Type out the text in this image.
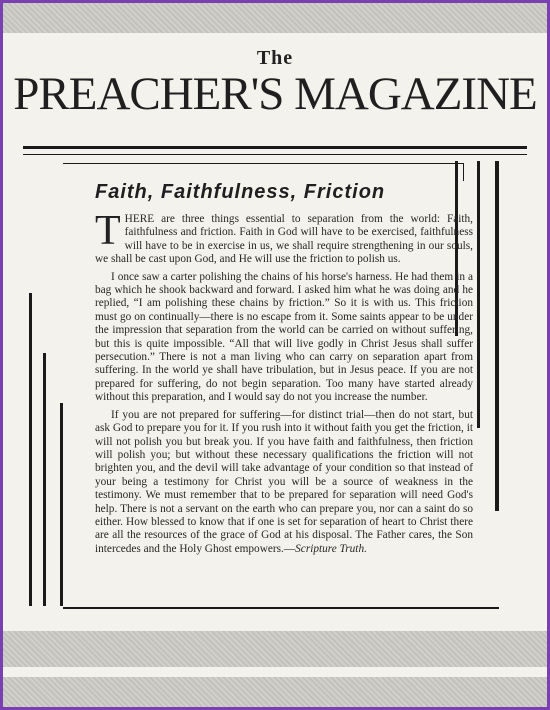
The
PREACHER'S MAGAZINE
Faith, Faithfulness, Friction

THERE are three things essential to separation from the world: Faith, faithfulness and friction. Faith in God will have to be exercised, faithfulness will have to be in exercise in us, we shall require strengthening in our souls, we shall be cast upon God, and He will use the friction to polish us.

I once saw a carter polishing the chains of his horse's harness. He had them in a bag which he shook backward and forward. I asked him what he was doing and he replied, “I am polishing these chains by friction.” So it is with us. This friction must go on continually—there is no escape from it. Some saints appear to be under the impression that separation from the world can be carried on without suffering, but this is quite impossible. “All that will live godly in Christ Jesus shall suffer persecution.” There is not a man living who can carry on separation apart from suffering. In the world ye shall have tribulation, but in Jesus peace. If you are not prepared for suffering, do not begin separation. Too many have started already without this preparation, and I would say do not you increase the number.

If you are not prepared for suffering—for distinct trial—then do not start, but ask God to prepare you for it. If you rush into it without faith you get the friction, it will not polish you but break you. If you have faith and faithfulness, then friction will polish you; but without these necessary qualifications the friction will not brighten you, and the devil will take advantage of your condition so that instead of your being a testimony for Christ you will be a source of weakness in the testimony. We must remember that to be prepared for separation will need God's help. There is not a servant on the earth who can prepare you, nor can a saint do so either. How blessed to know that if one is set for separation of heart to Christ there are all the resources of the grace of God at his disposal. The Father cares, the Son intercedes and the Holy Ghost empowers.—Scripture Truth.
